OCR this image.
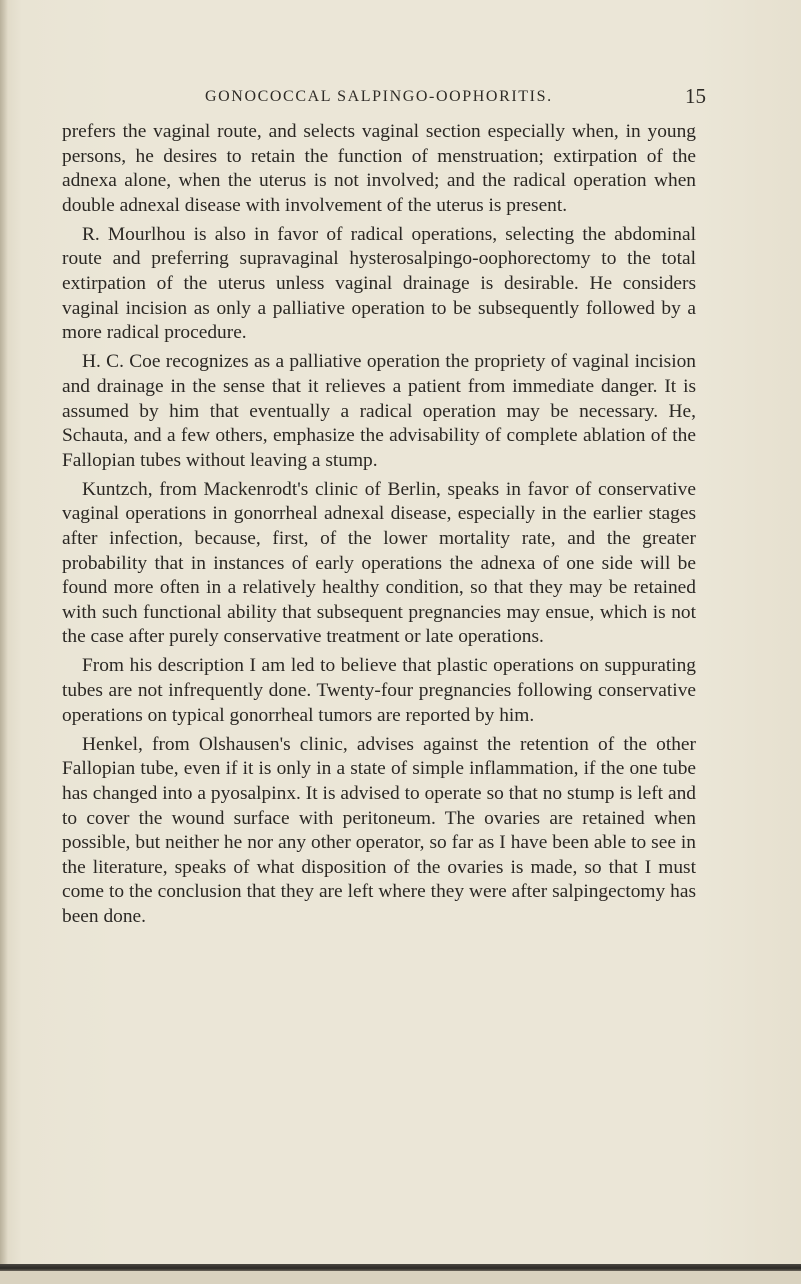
GONOCOCCAL SALPINGO-OOPHORITIS.	15

prefers the vaginal route, and selects vaginal section especially when, in young persons, he desires to retain the function of menstruation; extirpation of the adnexa alone, when the uterus is not involved; and the radical operation when double adnexal disease with involvement of the uterus is present.

R. Mourlhou is also in favor of radical operations, selecting the abdominal route and preferring supravaginal hysterosalpingo-oophorectomy to the total extirpation of the uterus unless vaginal drainage is desirable. He considers vaginal incision as only a palliative operation to be subsequently followed by a more radical procedure.

H. C. Coe recognizes as a palliative operation the propriety of vaginal incision and drainage in the sense that it relieves a patient from immediate danger. It is assumed by him that eventually a radical operation may be necessary. He, Schauta, and a few others, emphasize the advisability of complete ablation of the Fallopian tubes without leaving a stump.

Kuntzch, from Mackenrodt's clinic of Berlin, speaks in favor of conservative vaginal operations in gonorrheal adnexal disease, especially in the earlier stages after infection, because, first, of the lower mortality rate, and the greater probability that in instances of early operations the adnexa of one side will be found more often in a relatively healthy condition, so that they may be retained with such functional ability that subsequent pregnancies may ensue, which is not the case after purely conservative treatment or late operations.

From his description I am led to believe that plastic operations on suppurating tubes are not infrequently done. Twenty-four pregnancies following conservative operations on typical gonorrheal tumors are reported by him.

Henkel, from Olshausen's clinic, advises against the retention of the other Fallopian tube, even if it is only in a state of simple inflammation, if the one tube has changed into a pyosalpinx. It is advised to operate so that no stump is left and to cover the wound surface with peritoneum. The ovaries are retained when possible, but neither he nor any other operator, so far as I have been able to see in the literature, speaks of what disposition of the ovaries is made, so that I must come to the conclusion that they are left where they were after salpingectomy has been done.
